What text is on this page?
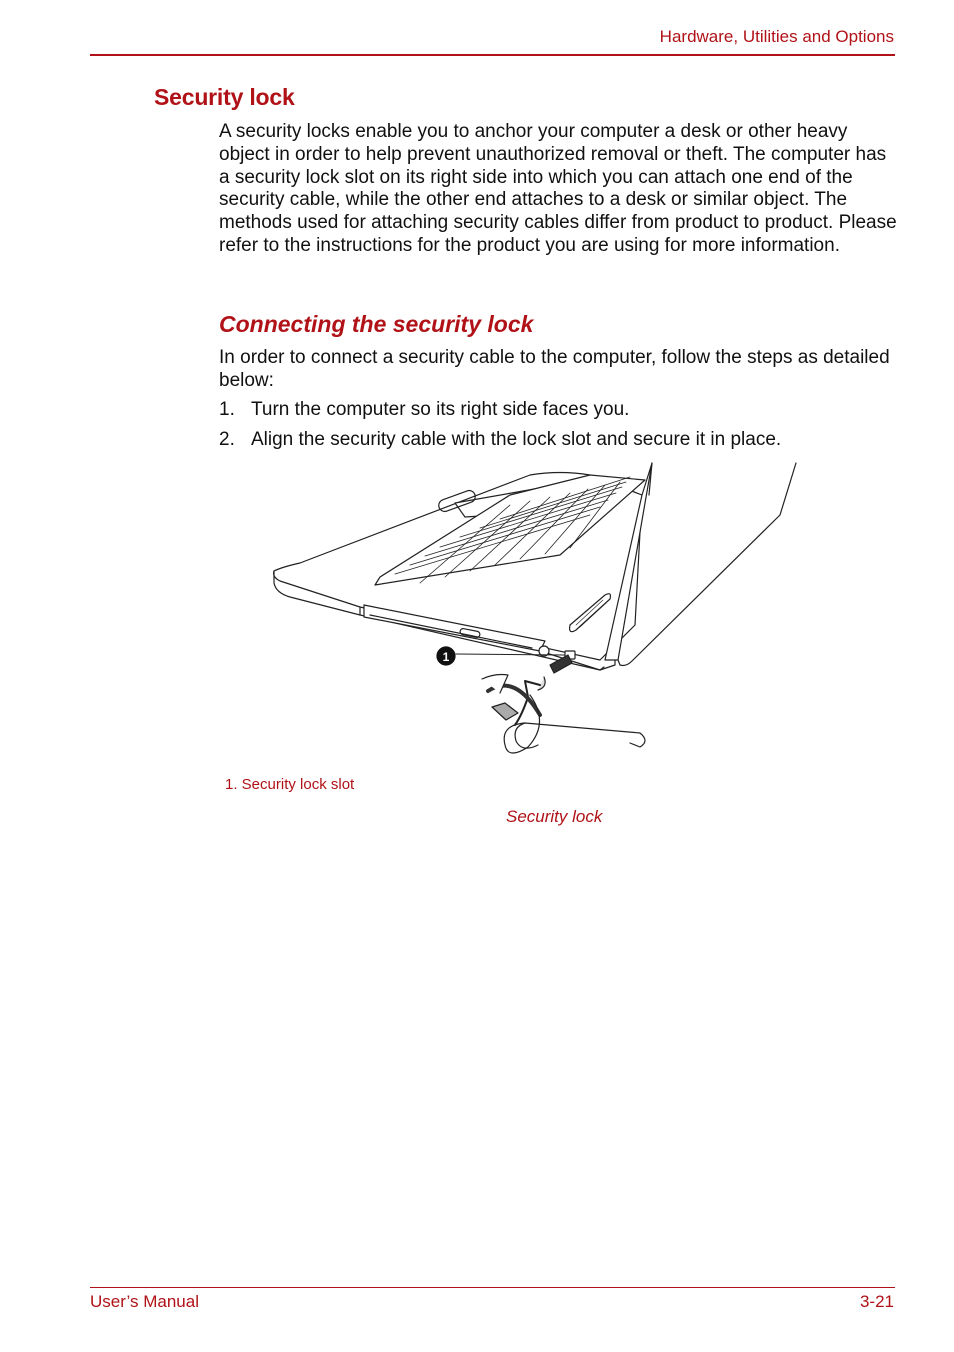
Hardware, Utilities and Options
Security lock

A security locks enable you to anchor your computer a desk or other heavy object in order to help prevent unauthorized removal or theft. The computer has a security lock slot on its right side into which you can attach one end of the security cable, while the other end attaches to a desk or similar object. The methods used for attaching security cables differ from product to product. Please refer to the instructions for the product you are using for more information.

Connecting the security lock

In order to connect a security cable to the computer, follow the steps as detailed below:

1. Turn the computer so its right side faces you.
2. Align the security cable with the lock slot and secure it in place.
1
1. Security lock slot
Security lock
User’s Manual	3-21
